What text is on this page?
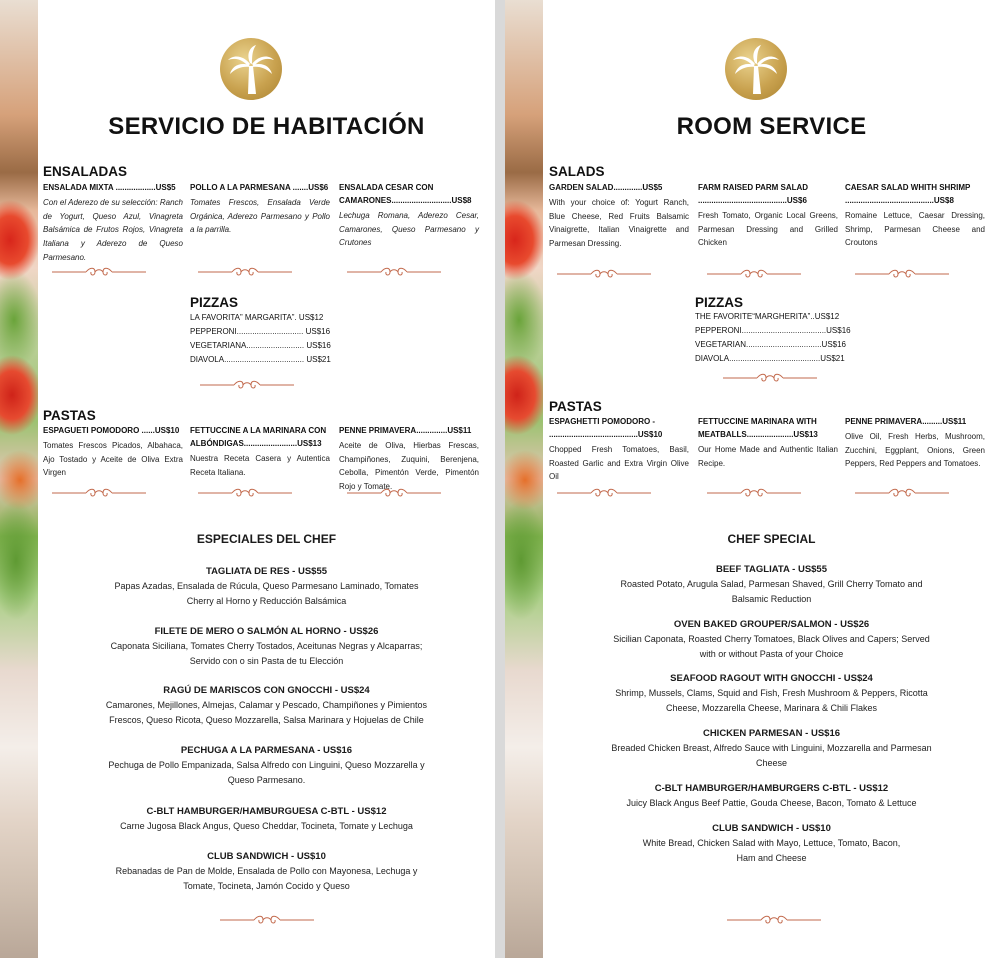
SERVICIO DE HABITACIÓN
ENSALADAS
ENSALADA MIXTA ..................US$5
Con el Aderezo de su selección: Ranch de Yogurt, Queso Azul, Vinagreta Balsámica de Frutos Rojos, Vinagreta Italiana y Aderezo de Queso Parmesano.
POLLO A LA PARMESANA .......US$6
Tomates Frescos, Ensalada Verde Orgánica, Aderezo Parmesano y Pollo a la parrilla.
ENSALADA CESAR CON
CAMARONES...........................US$8
Lechuga Romana, Aderezo Cesar, Camarones, Queso Parmesano y Crutones
PIZZAS
LA FAVORITA” MARGARITA”. US$12
PEPPERONI.............................. US$16
VEGETARIANA.......................... US$16
DIAVOLA.................................... US$21
PASTAS
ESPAGUETI POMODORO ......US$10
Tomates Frescos Picados, Albahaca, Ajo Tostado y Aceite de Oliva Extra Virgen
FETTUCCINE A LA MARINARA CON
ALBÓNDIGAS........................US$13
Nuestra Receta Casera y Autentica Receta Italiana.
PENNE PRIMAVERA..............US$11
Aceite de Oliva, Hierbas Frescas, Champiñones, Zuquini, Berenjena, Cebolla, Pimentón Verde, Pimentón Rojo y Tomate.
ESPECIALES DEL CHEF
TAGLIATA DE RES - US$55
Papas Azadas, Ensalada de Rúcula, Queso Parmesano Laminado, Tomates Cherry al Horno y Reducción Balsámica
FILETE DE MERO O SALMÓN AL HORNO - US$26
Caponata Siciliana, Tomates Cherry Tostados, Aceitunas Negras y Alcaparras; Servido con o sin Pasta de tu Elección
RAGÚ DE MARISCOS CON GNOCCHI - US$24
Camarones, Mejillones, Almejas, Calamar y Pescado, Champiñones y Pimientos Frescos, Queso Ricota, Queso Mozzarella, Salsa Marinara y Hojuelas de Chile
PECHUGA A LA PARMESANA - US$16
Pechuga de Pollo Empanizada, Salsa Alfredo con Linguini, Queso Mozzarella y Queso Parmesano.
C-BLT HAMBURGER/HAMBURGUESA C-BTL - US$12
Carne Jugosa Black Angus, Queso Cheddar, Tocineta, Tomate y Lechuga
CLUB SANDWICH - US$10
Rebanadas de Pan de Molde, Ensalada de Pollo con Mayonesa, Lechuga y Tomate, Tocineta, Jamón Cocido y Queso
ROOM SERVICE
SALADS
GARDEN SALAD.............US$5
With your choice of: Yogurt Ranch, Blue Cheese, Red Fruits Balsamic Vinaigrette, Italian Vinaigrette and Parmesan Dressing.
FARM RAISED PARM SALAD
........................................US$6
Fresh Tomato, Organic Local Greens, Parmesan Dressing and Grilled Chicken
CAESAR SALAD WHITH SHRIMP
........................................US$8
Romaine Lettuce, Caesar Dressing, Shrimp, Parmesan Cheese and Croutons
PIZZAS
THE FAVORITE“MARGHERITA”..US$12
PEPPERONI......................................US$16
VEGETARIAN..................................US$16
DIAVOLA.........................................US$21
PASTAS
ESPAGHETTI POMODORO -
........................................US$10
Chopped Fresh Tomatoes, Basil, Roasted Garlic and Extra Virgin Olive Oil
FETTUCCINE MARINARA WITH
MEATBALLS.....................US$13
Our Home Made and Authentic Italian Recipe.
PENNE PRIMAVERA.........US$11
Olive Oil, Fresh Herbs, Mushroom, Zucchini, Eggplant, Onions, Green Peppers, Red Peppers and Tomatoes.
CHEF SPECIAL
BEEF TAGLIATA - US$55
Roasted Potato, Arugula Salad, Parmesan Shaved, Grill Cherry Tomato and Balsamic Reduction
OVEN BAKED GROUPER/SALMON - US$26
Sicilian Caponata, Roasted Cherry Tomatoes, Black Olives and Capers; Served with or without Pasta of your Choice
SEAFOOD RAGOUT WITH GNOCCHI - US$24
Shrimp, Mussels, Clams, Squid and Fish, Fresh Mushroom & Peppers, Ricotta Cheese, Mozzarella Cheese, Marinara & Chili Flakes
CHICKEN PARMESAN - US$16
Breaded Chicken Breast, Alfredo Sauce with Linguini, Mozzarella and Parmesan Cheese
C-BLT HAMBURGER/HAMBURGERS C-BTL - US$12
Juicy Black Angus Beef Pattie, Gouda Cheese, Bacon, Tomato & Lettuce
CLUB SANDWICH - US$10
White Bread, Chicken Salad with Mayo, Lettuce, Tomato, Bacon, Ham and Cheese
